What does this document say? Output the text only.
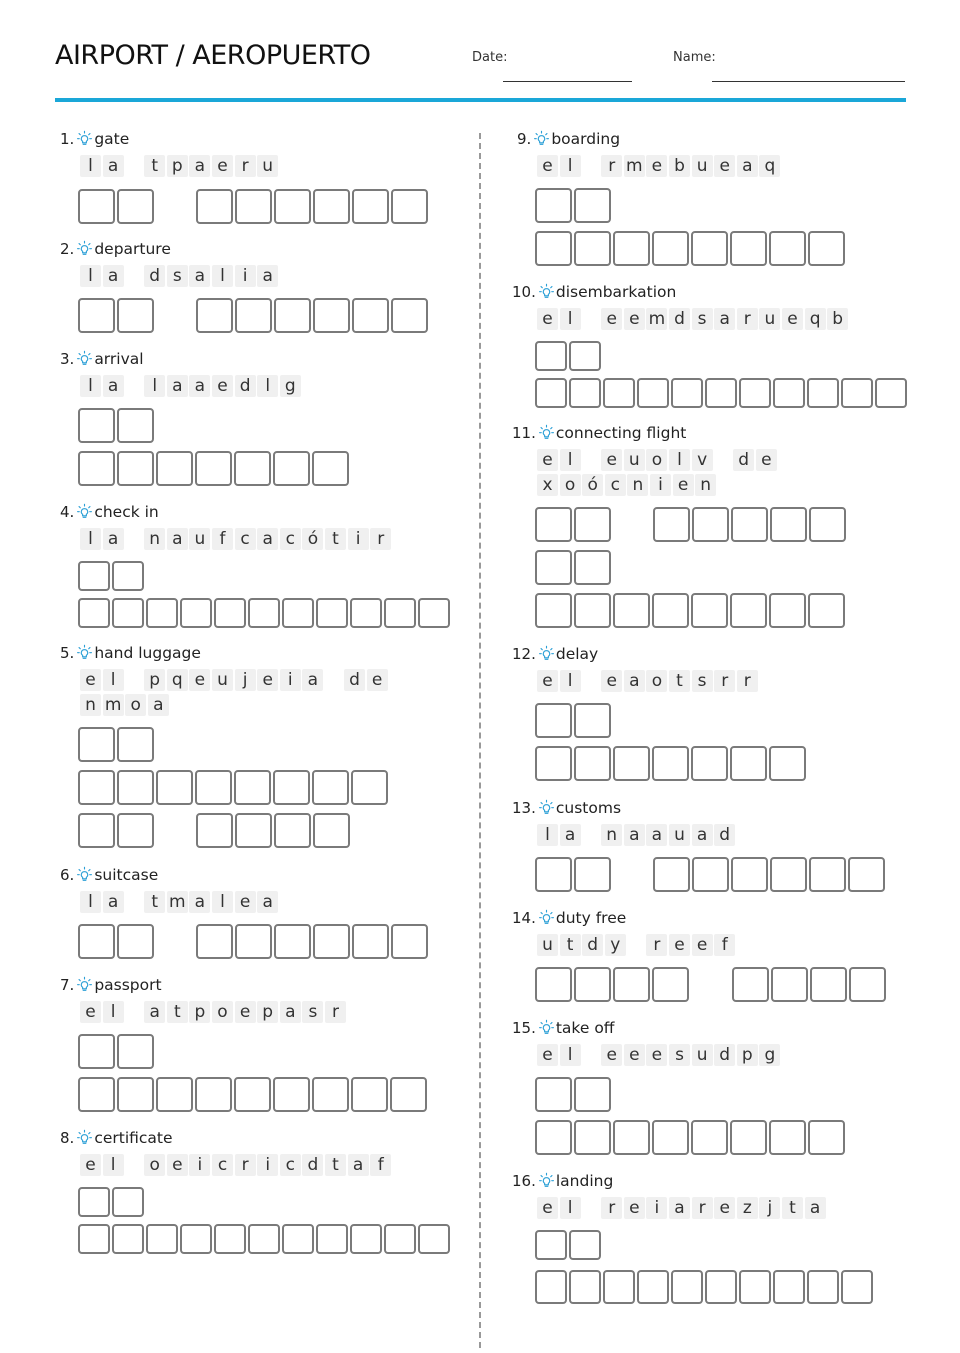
AIRPORT / AEROPUERTO	Date:	Name:
1. gate
l a	t p a e r u
2. departure
l a	d s a l	i a
3. arrival
l a	l a a e d l g
4. check in
l a	n a u f c a c ó t i r
5. hand luggage
e l	p q e u j e i a	d e
n m o a
6. suitcase
l a	t m a l e a
7. passport
e l	a t p o e p a s r
8. certificate
e l	o e i c r i c d t a f
9. boarding
e l	r m e b u e a q
10. disembarkation
e l	e e m d s a r u e q b
11. connecting flight
e l	e u o l v	d e
x o ó c n i e n
12. delay
e l	e a o t s r r
13. customs
l a	n a a u a d
14. duty free
u t d y	r e e f
15. take off
e l	e e e s u d p g
16. landing
e l	r e i a r e z j t a
